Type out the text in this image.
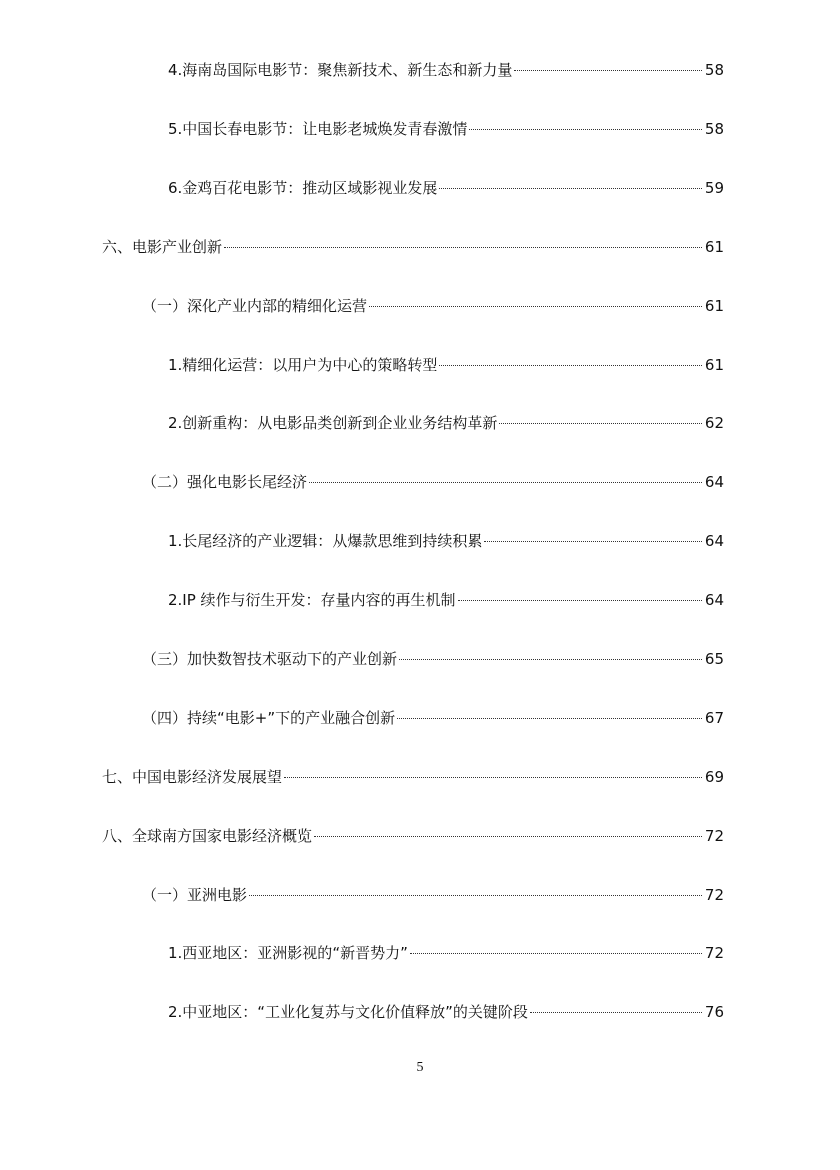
4.海南岛国际电影节：聚焦新技术、新生态和新力量	58
5.中国长春电影节：让电影老城焕发青春激情	58
6.金鸡百花电影节：推动区域影视业发展	59
六、电影产业创新	61
（一）深化产业内部的精细化运营	61
1.精细化运营：以用户为中心的策略转型	61
2.创新重构：从电影品类创新到企业业务结构革新	62
（二）强化电影长尾经济	64
1.长尾经济的产业逻辑：从爆款思维到持续积累	64
2.IP 续作与衍生开发：存量内容的再生机制	64
（三）加快数智技术驱动下的产业创新	65
（四）持续“电影+”下的产业融合创新	67
七、中国电影经济发展展望	69
八、全球南方国家电影经济概览	72
（一）亚洲电影	72
1.西亚地区：亚洲影视的“新晋势力”	72
2.中亚地区：“工业化复苏与文化价值释放”的关键阶段	76
5
